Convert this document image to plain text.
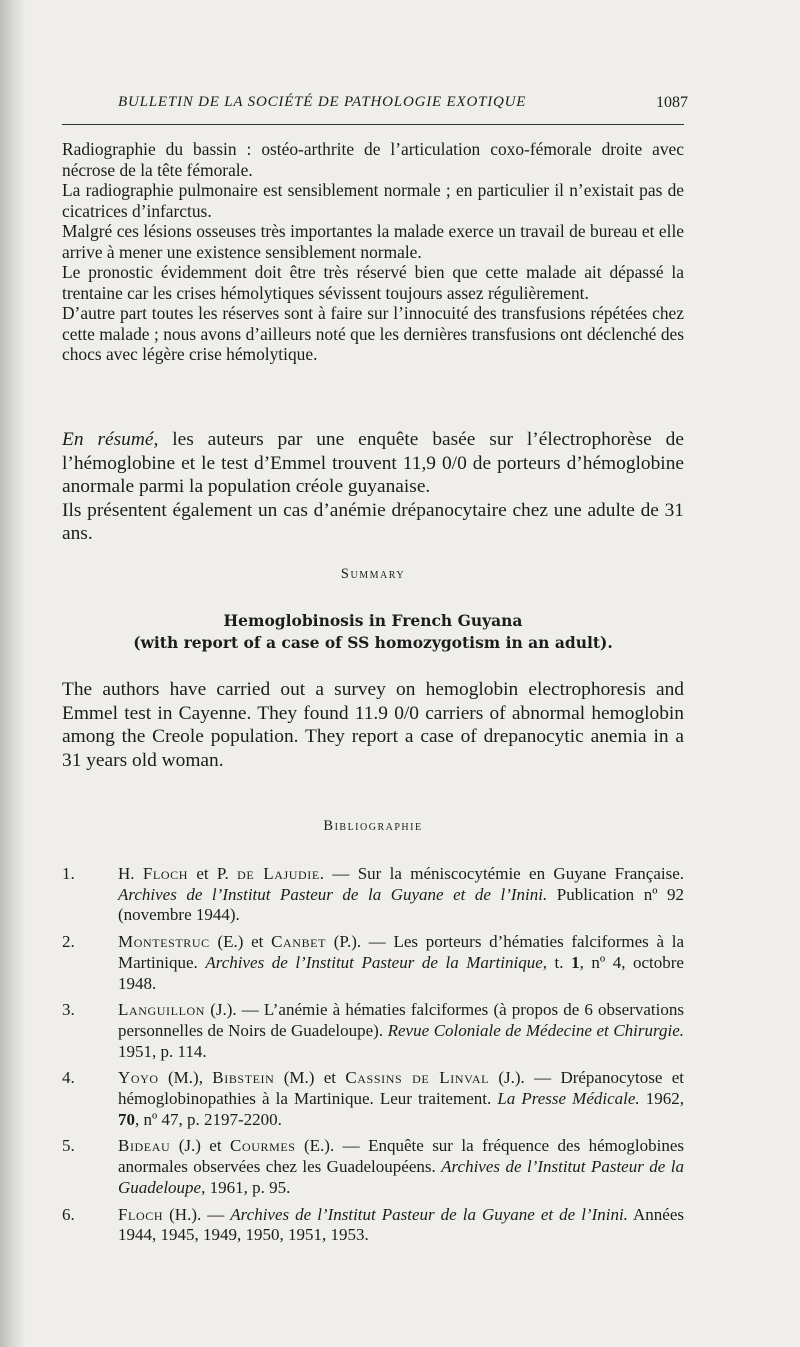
BULLETIN DE LA SOCIÉTÉ DE PATHOLOGIE EXOTIQUE	1087

Radiographie du bassin : ostéo-arthrite de l’articulation coxo-fémorale droite avec nécrose de la tête fémorale.

La radiographie pulmonaire est sensiblement normale ; en particulier il n’existait pas de cicatrices d’infarctus.

Malgré ces lésions osseuses très importantes la malade exerce un travail de bureau et elle arrive à mener une existence sensiblement normale.

Le pronostic évidemment doit être très réservé bien que cette malade ait dépassé la trentaine car les crises hémolytiques sévissent toujours assez régulièrement.

D’autre part toutes les réserves sont à faire sur l’innocuité des transfusions répétées chez cette malade ; nous avons d’ailleurs noté que les dernières transfusions ont déclenché des chocs avec légère crise hémolytique.

En résumé, les auteurs par une enquête basée sur l’électrophorèse de l’hémoglobine et le test d’Emmel trouvent 11,9 0/0 de porteurs d’hémoglobine anormale parmi la population créole guyanaise.

Ils présentent également un cas d’anémie drépanocytaire chez une adulte de 31 ans.

Summary
Hemoglobinosis in French Guyana
(with report of a case of SS homozygotism in an adult).

The authors have carried out a survey on hemoglobin electrophoresis and Emmel test in Cayenne. They found 11.9 0/0 carriers of abnormal hemoglobin among the Creole population. They report a case of drepanocytic anemia in a 31 years old woman.

Bibliographie
1.	H. Floch et P. de Lajudie. — Sur la méniscocytémie en Guyane Française. Archives de l’Institut Pasteur de la Guyane et de l’Inini. Publication nº 92 (novembre 1944).
2.	Montestruc (E.) et Canbet (P.). — Les porteurs d’hématies falciformes à la Martinique. Archives de l’Institut Pasteur de la Martinique, t. 1, nº 4, octobre 1948.
3.	Languillon (J.). — L’anémie à hématies falciformes (à propos de 6 observations personnelles de Noirs de Guadeloupe). Revue Coloniale de Médecine et Chirurgie. 1951, p. 114.
4.	Yoyo (M.), Bibstein (M.) et Cassins de Linval (J.). — Drépanocytose et hémoglobinopathies à la Martinique. Leur traitement. La Presse Médicale. 1962, 70, nº 47, p. 2197-2200.
5.	Bideau (J.) et Courmes (E.). — Enquête sur la fréquence des hémoglobines anormales observées chez les Guadeloupéens. Archives de l’Institut Pasteur de la Guadeloupe, 1961, p. 95.
6.	Floch (H.). — Archives de l’Institut Pasteur de la Guyane et de l’Inini. Années 1944, 1945, 1949, 1950, 1951, 1953.
